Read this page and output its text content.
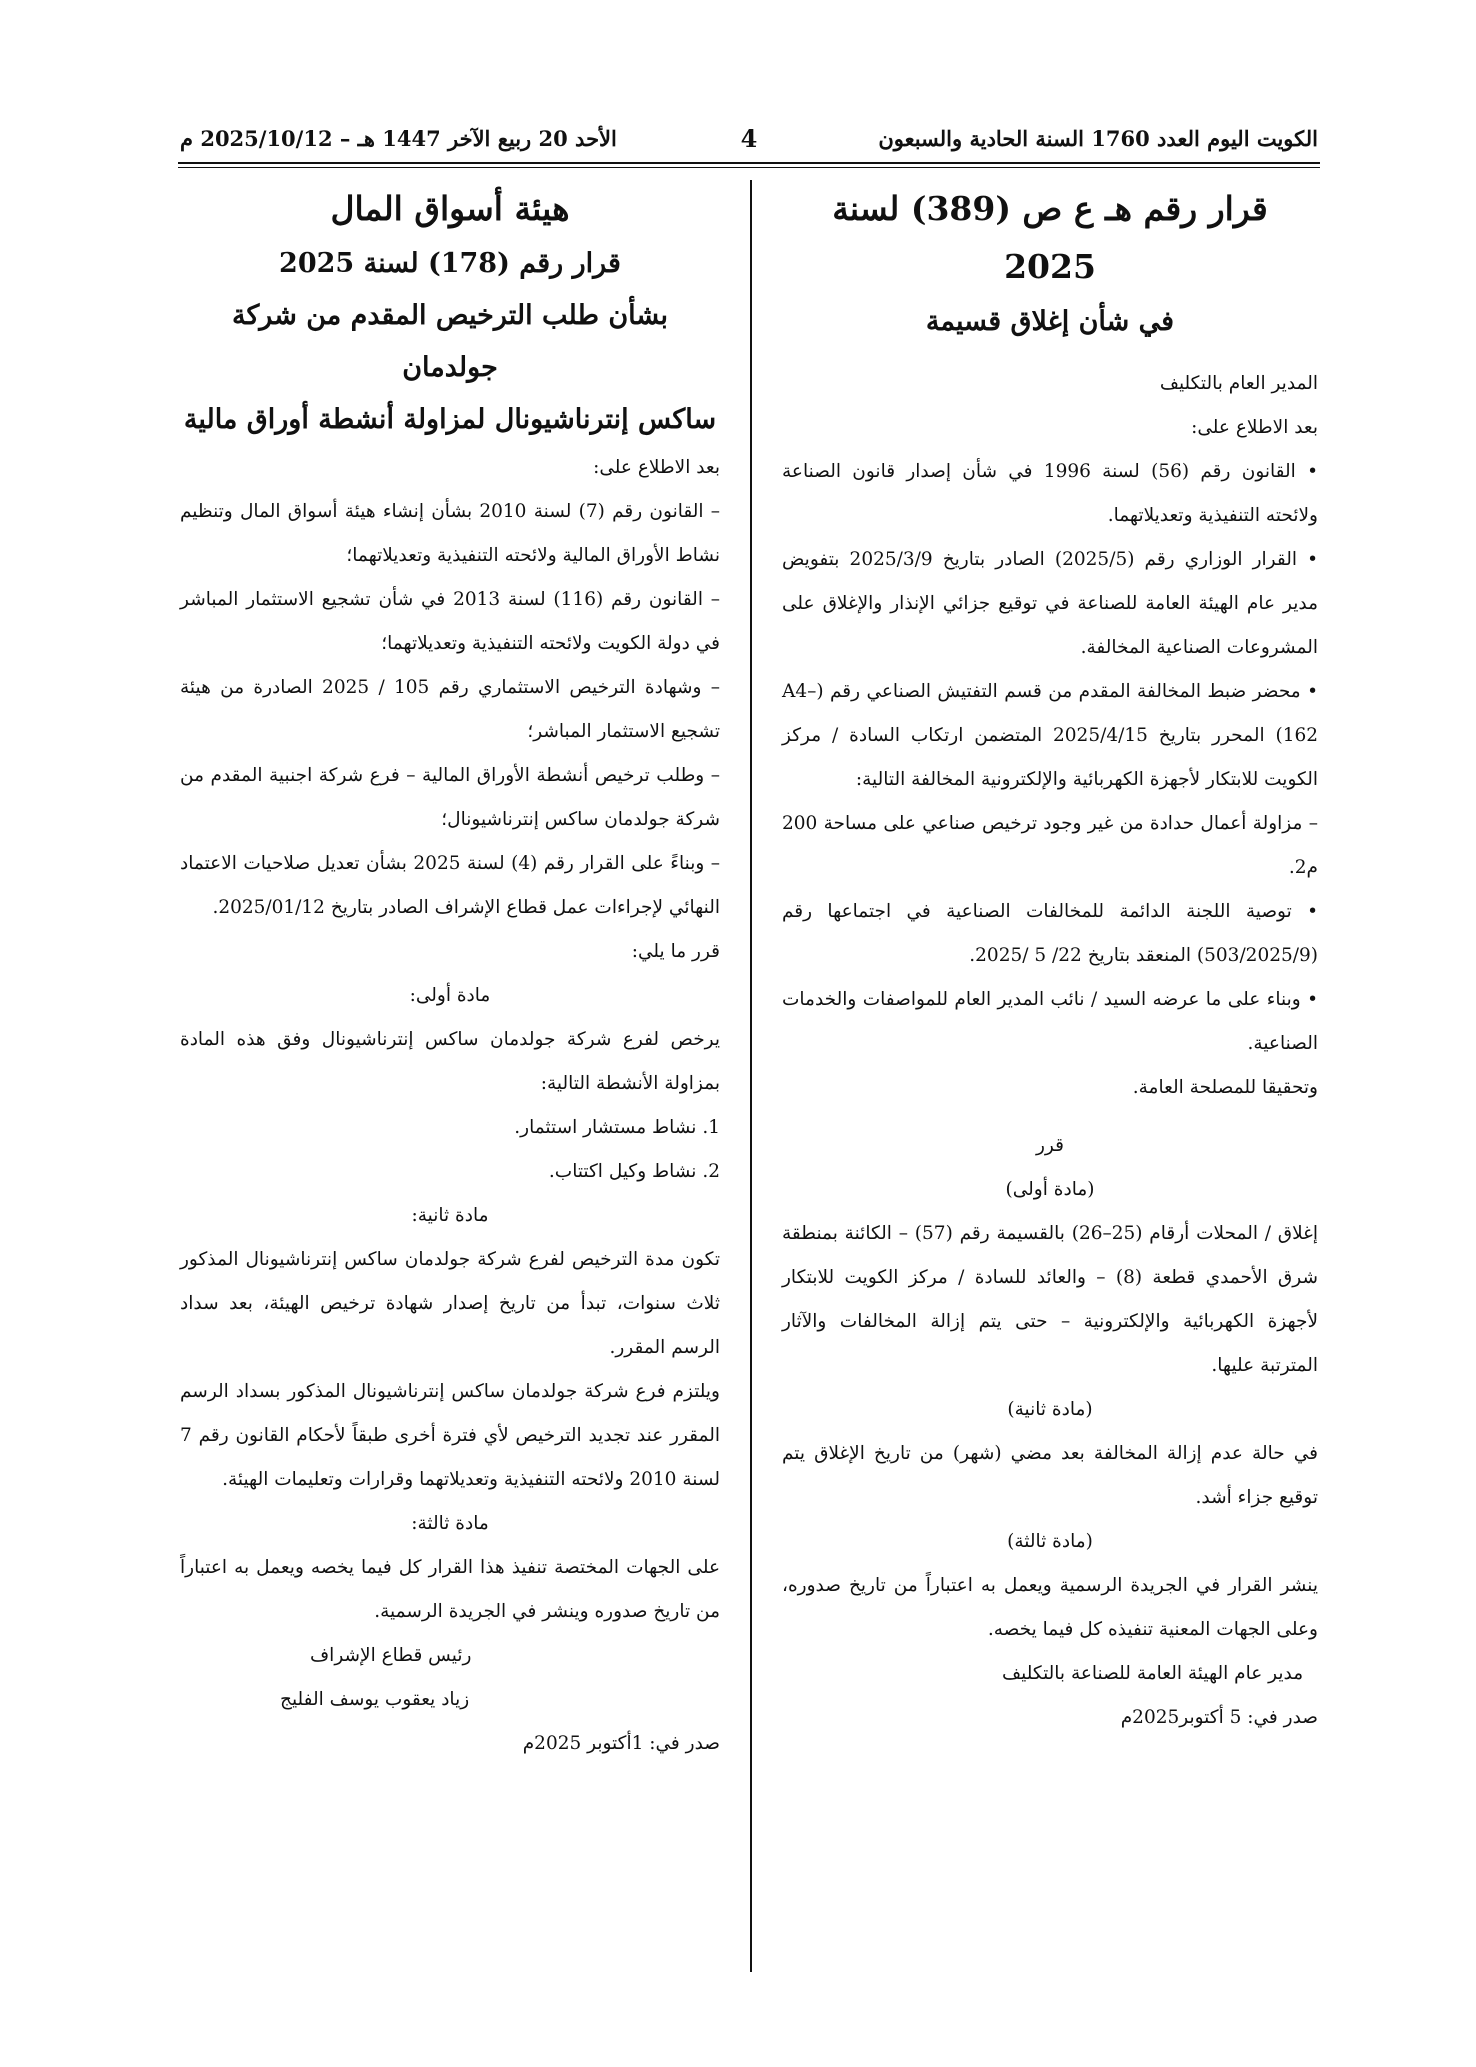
الكويت اليوم العدد 1760 السنة الحادية والسبعون
4
الأحد 20 ربيع الآخر 1447 هـ – 2025/10/12 م

قرار رقم هـ ع ص (389) لسنة 2025

في شأن إغلاق قسيمة

المدير العام بالتكليف

بعد الاطلاع على:

• القانون رقم (56) لسنة 1996 في شأن إصدار قانون الصناعة ولائحته التنفيذية وتعديلاتهما.

• القرار الوزاري رقم (2025/5) الصادر بتاريخ 2025/3/9 بتفويض مدير عام الهيئة العامة للصناعة في توقيع جزائي الإنذار والإغلاق على المشروعات الصناعية المخالفة.

• محضر ضبط المخالفة المقدم من قسم التفتيش الصناعي رقم (A4–162) المحرر بتاريخ 2025/4/15 المتضمن ارتكاب السادة / مركز الكويت للابتكار لأجهزة الكهربائية والإلكترونية المخالفة التالية:

– مزاولة أعمال حدادة من غير وجود ترخيص صناعي على مساحة 200 م2.

• توصية اللجنة الدائمة للمخالفات الصناعية في اجتماعها رقم (503/2025/9) المنعقد بتاريخ 22/ 5 /2025.

• وبناء على ما عرضه السيد / نائب المدير العام للمواصفات والخدمات الصناعية.

وتحقيقا للمصلحة العامة.

قرر

(مادة أولى)

إغلاق / المحلات أرقام (25–26) بالقسيمة رقم (57) – الكائنة بمنطقة شرق الأحمدي قطعة (8) – والعائد للسادة / مركز الكويت للابتكار لأجهزة الكهربائية والإلكترونية – حتى يتم إزالة المخالفات والآثار المترتبة عليها.

(مادة ثانية)

في حالة عدم إزالة المخالفة بعد مضي (شهر) من تاريخ الإغلاق يتم توقيع جزاء أشد.

(مادة ثالثة)

ينشر القرار في الجريدة الرسمية ويعمل به اعتباراً من تاريخ صدوره، وعلى الجهات المعنية تنفيذه كل فيما يخصه.

مدير عام الهيئة العامة للصناعة بالتكليف

صدر في: 5 أكتوبر2025م

هيئة أسواق المال

قرار رقم (178) لسنة 2025

بشأن طلب الترخيص المقدم من شركة جولدمان

ساكس إنترناشيونال لمزاولة أنشطة أوراق مالية

بعد الاطلاع على:

– القانون رقم (7) لسنة 2010 بشأن إنشاء هيئة أسواق المال وتنظيم نشاط الأوراق المالية ولائحته التنفيذية وتعديلاتهما؛

– القانون رقم (116) لسنة 2013 في شأن تشجيع الاستثمار المباشر في دولة الكويت ولائحته التنفيذية وتعديلاتهما؛

– وشهادة الترخيص الاستثماري رقم 105 / 2025 الصادرة من هيئة تشجيع الاستثمار المباشر؛

– وطلب ترخيص أنشطة الأوراق المالية – فرع شركة اجنبية المقدم من شركة جولدمان ساكس إنترناشيونال؛

– وبناءً على القرار رقم (4) لسنة 2025 بشأن تعديل صلاحيات الاعتماد النهائي لإجراءات عمل قطاع الإشراف الصادر بتاريخ 2025/01/12.

قرر ما يلي:

مادة أولى:

يرخص لفرع شركة جولدمان ساكس إنترناشيونال وفق هذه المادة بمزاولة الأنشطة التالية:

1. نشاط مستشار استثمار.

2. نشاط وكيل اكتتاب.

مادة ثانية:

تكون مدة الترخيص لفرع شركة جولدمان ساكس إنترناشيونال المذكور ثلاث سنوات، تبدأ من تاريخ إصدار شهادة ترخيص الهيئة، بعد سداد الرسم المقرر.

ويلتزم فرع شركة جولدمان ساكس إنترناشيونال المذكور بسداد الرسم المقرر عند تجديد الترخيص لأي فترة أخرى طبقاً لأحكام القانون رقم 7 لسنة 2010 ولائحته التنفيذية وتعديلاتهما وقرارات وتعليمات الهيئة.

مادة ثالثة:

على الجهات المختصة تنفيذ هذا القرار كل فيما يخصه ويعمل به اعتباراً من تاريخ صدوره وينشر في الجريدة الرسمية.

رئيس قطاع الإشراف

زياد يعقوب يوسف الفليج

صدر في: 1أكتوبر 2025م
